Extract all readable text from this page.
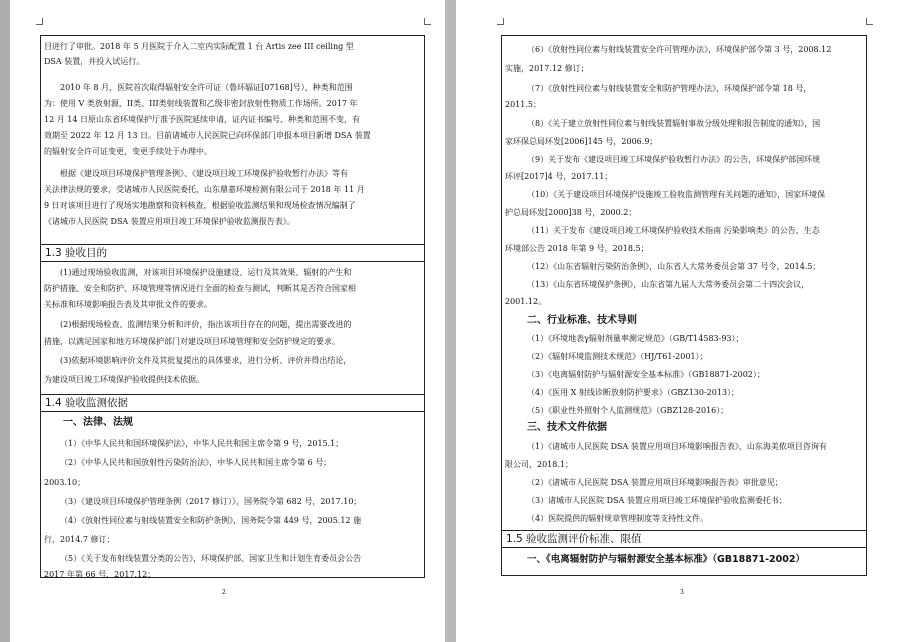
目进行了审批。2018 年 5 月医院于介入二室内实际配置 1 台 Artis zee III ceiling 型
DSA 装置，并投入试运行。
2010 年 8 月，医院首次取得辐射安全许可证（鲁环辐证[07168]号），种类和范围
为：使用 V 类放射源，II类、III类射线装置和乙级非密封放射性物质工作场所。2017 年
12 月 14 日原山东省环境保护厅准予医院延续申请，证内证书编号、种类和范围不变，有
效期至 2022 年 12 月 13 日。目前诸城市人民医院已向环保部门申报本项目新增 DSA 装置
的辐射安全许可证变更，变更手续处于办理中。
根据《建设项目环境保护管理条例》、《建设项目竣工环境保护验收暂行办法》等有
关法律法规的要求，受诸城市人民医院委托，山东鼎嘉环境检测有限公司于 2018 年 11 月
9 日对该项目进行了现场实地勘察和资料核查，根据验收监测结果和现场检查情况编制了
《诸城市人民医院 DSA 装置应用项目竣工环境保护验收监测报告表》。
1.3 验收目的
(1)通过现场验收监测，对该项目环境保护设施建设、运行及其效果、辐射的产生和
防护措施、安全和防护、环境管理等情况进行全面的检查与测试，判断其是否符合国家相
关标准和环境影响报告表及其审批文件的要求。
(2)根据现场检查、监测结果分析和评价，指出该项目存在的问题，提出需要改进的
措施，以满足国家和地方环境保护部门对建设项目环境管理和安全防护规定的要求。
(3)依据环境影响评价文件及其批复提出的具体要求，进行分析、评价并得出结论，
为建设项目竣工环境保护验收提供技术依据。
1.4 验收监测依据
一、法律、法规
（1）《中华人民共和国环境保护法》，中华人民共和国主席令第 9 号，2015.1；
（2）《中华人民共和国放射性污染防治法》，中华人民共和国主席令第 6 号；
2003.10；
（3）《建设项目环境保护管理条例（2017 修订）》，国务院令第 682 号，2017.10；
（4）《放射性同位素与射线装置安全和防护条例》，国务院令第 449 号，2005.12 施
行，2014.7 修订；
（5）《关于发布射线装置分类的公告》，环境保护部、国家卫生和计划生育委员会公告
2017 年第 66 号，2017.12；
2
（6）《放射性同位素与射线装置安全许可管理办法》，环境保护部令第 3 号，2008.12
实施，2017.12 修订；
（7）《放射性同位素与射线装置安全和防护管理办法》，环境保护部令第 18 号，
2011.5；
（8）《关于建立放射性同位素与射线装置辐射事故分级处理和报告制度的通知》，国
家环保总局环发[2006]145 号，2006.9；
（9）关于发布《建设项目竣工环境保护验收暂行办法》的公告，环境保护部国环规
环评[2017]4 号，2017.11；
（10）《关于建设项目环境保护设施竣工验收监测管理有关问题的通知》，国家环境保
护总局环发[2000]38 号，2000.2；
（11）关于发布《建设项目竣工环境保护验收技术指南 污染影响类》的公告，生态
环境部公告 2018 年第 9 号，2018.5；
（12）《山东省辐射污染防治条例》，山东省人大常务委员会第 37 号令，2014.5；
（13）《山东省环境保护条例》，山东省第九届人大常务委员会第二十四次会议，
2001.12。
二、行业标准、技术导则
（1）《环境地表γ辐射剂量率测定规范》（GB/T14583-93）；
（2）《辐射环境监测技术规范》（HJ/T61-2001）；
（3）《电离辐射防护与辐射源安全基本标准》（GB18871-2002）；
（4）《医用 X 射线诊断放射防护要求》（GBZ130-2013）；
（5）《职业性外照射个人监测规范》（GBZ128-2016）；
三、技术文件依据
（1）《诸城市人民医院 DSA 装置应用项目环境影响报告表》，山东海美侬项目咨询有
限公司，2018.1；
（2）《诸城市人民医院 DSA 装置应用项目环境影响报告表》审批意见；
（3）诸城市人民医院 DSA 装置应用项目竣工环境保护验收监测委托书；
（4）医院提供的辐射规章管理制度等支持性文件。
1.5 验收监测评价标准、限值
一、《电离辐射防护与辐射源安全基本标准》（GB18871-2002）
3
